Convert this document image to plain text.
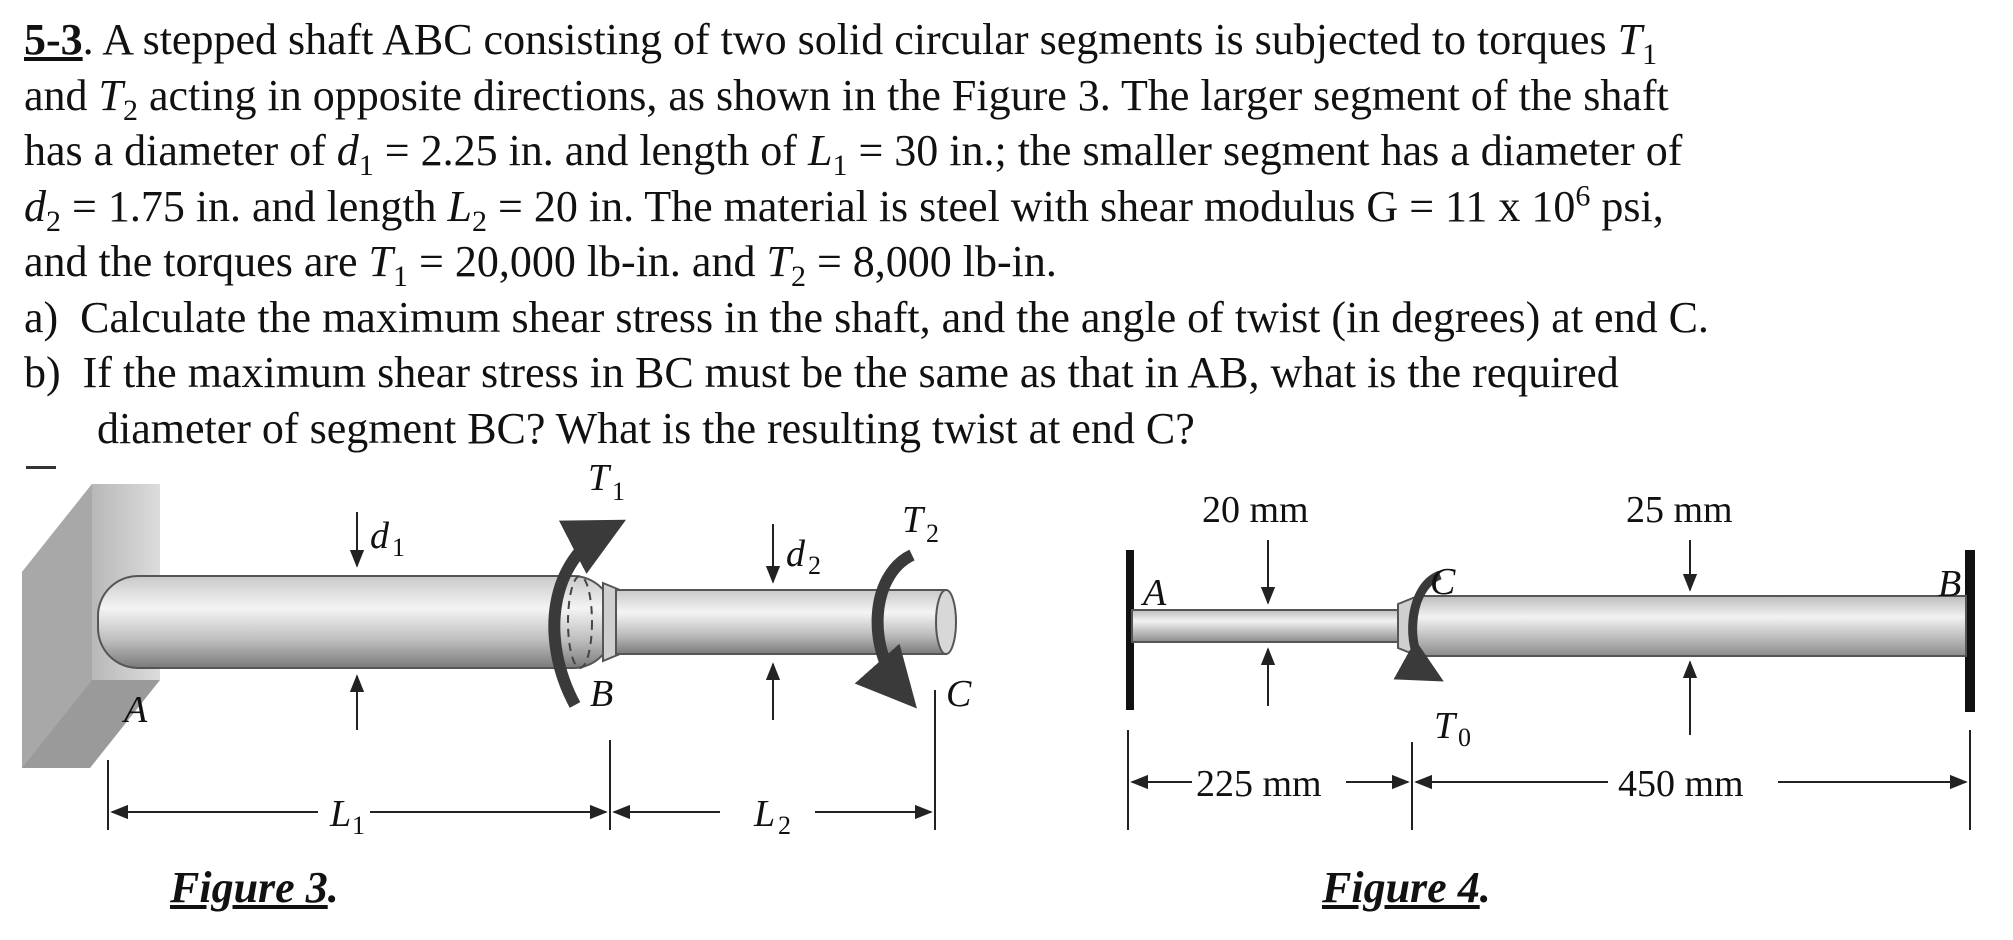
5-3. A stepped shaft ABC consisting of two solid circular segments is subjected to torques $T_1$
and $T_2$ acting in opposite directions, as shown in the Figure 3. The larger segment of the shaft
has a diameter of $d_1 = 2.25$ in. and length of $L_1 = 30$ in.; the smaller segment has a diameter of
$d_2 = 1.75$ in. and length $L_2 = 20$ in. The material is steel with shear modulus G = 11 x $10^6$ psi,
and the torques are $T_1 = 20,000$ lb-in. and $T_2 = 8,000$ lb-in.
a)  Calculate the maximum shear stress in the shaft, and the angle of twist (in degrees) at end C.
b)  If the maximum shear stress in BC must be the same as that in AB, what is the required
diameter of segment BC? What is the resulting twist at end C?
A	B	C
T 1
T 2
d 1	d 2
L 1	L 2
A	B
C
T 0
20 mm	25 mm
225 mm	450 mm
Figure 3.	Figure 4.
